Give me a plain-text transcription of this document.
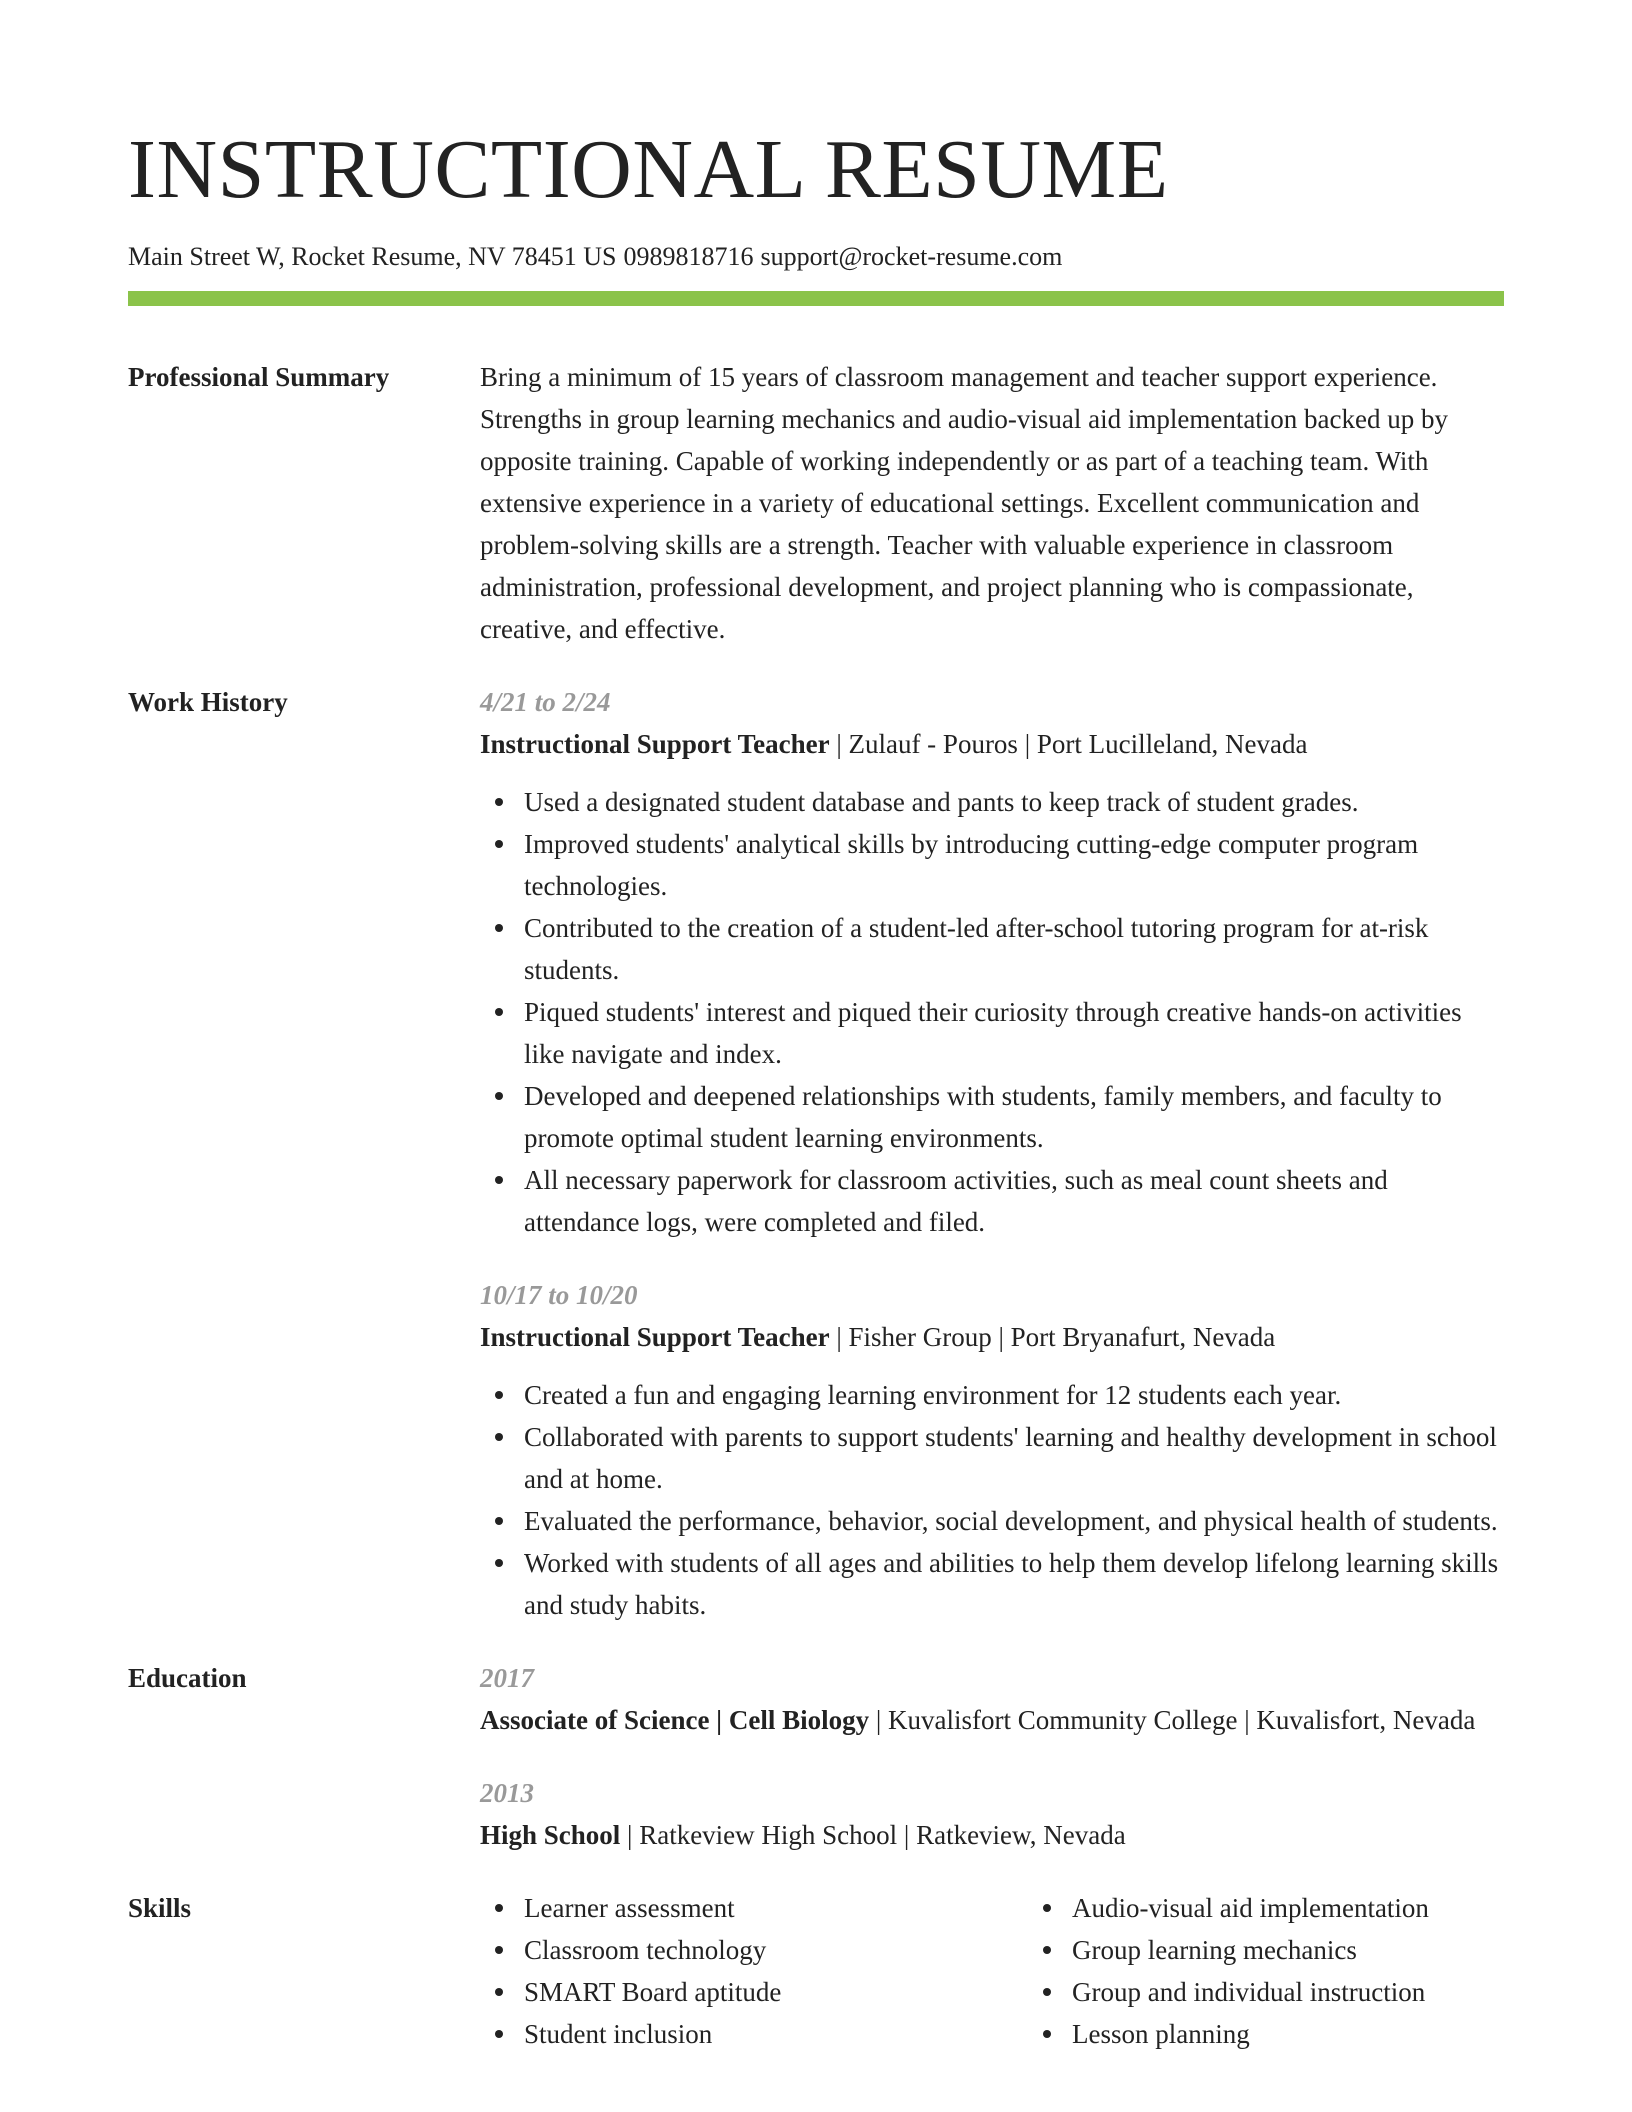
INSTRUCTIONAL RESUME
Main Street W, Rocket Resume, NV 78451 US 0989818716 support@rocket-resume.com
Professional Summary	Bring a minimum of 15 years of classroom management and teacher support experience. Strengths in group learning mechanics and audio-visual aid implementation backed up by opposite training. Capable of working independently or as part of a teaching team. With extensive experience in a variety of educational settings. Excellent communication and problem-solving skills are a strength. Teacher with valuable experience in classroom administration, professional development, and project planning who is compassionate, creative, and effective.
Work History	4/21 to 2/24
Instructional Support Teacher | Zulauf - Pouros | Port Lucilleland, Nevada
Used a designated student database and pants to keep track of student grades.
Improved students' analytical skills by introducing cutting-edge computer program technologies.
Contributed to the creation of a student-led after-school tutoring program for at-risk students.
Piqued students' interest and piqued their curiosity through creative hands-on activities like navigate and index.
Developed and deepened relationships with students, family members, and faculty to promote optimal student learning environments.
All necessary paperwork for classroom activities, such as meal count sheets and attendance logs, were completed and filed.
10/17 to 10/20
Instructional Support Teacher | Fisher Group | Port Bryanafurt, Nevada
Created a fun and engaging learning environment for 12 students each year.
Collaborated with parents to support students' learning and healthy development in school and at home.
Evaluated the performance, behavior, social development, and physical health of students.
Worked with students of all ages and abilities to help them develop lifelong learning skills and study habits.
Education	2017
Associate of Science | Cell Biology | Kuvalisfort Community College | Kuvalisfort, Nevada
2013
High School | Ratkeview High School | Ratkeview, Nevada
Skills	Learner assessment
Classroom technology
SMART Board aptitude
Student inclusion
Audio-visual aid implementation
Group learning mechanics
Group and individual instruction
Lesson planning
